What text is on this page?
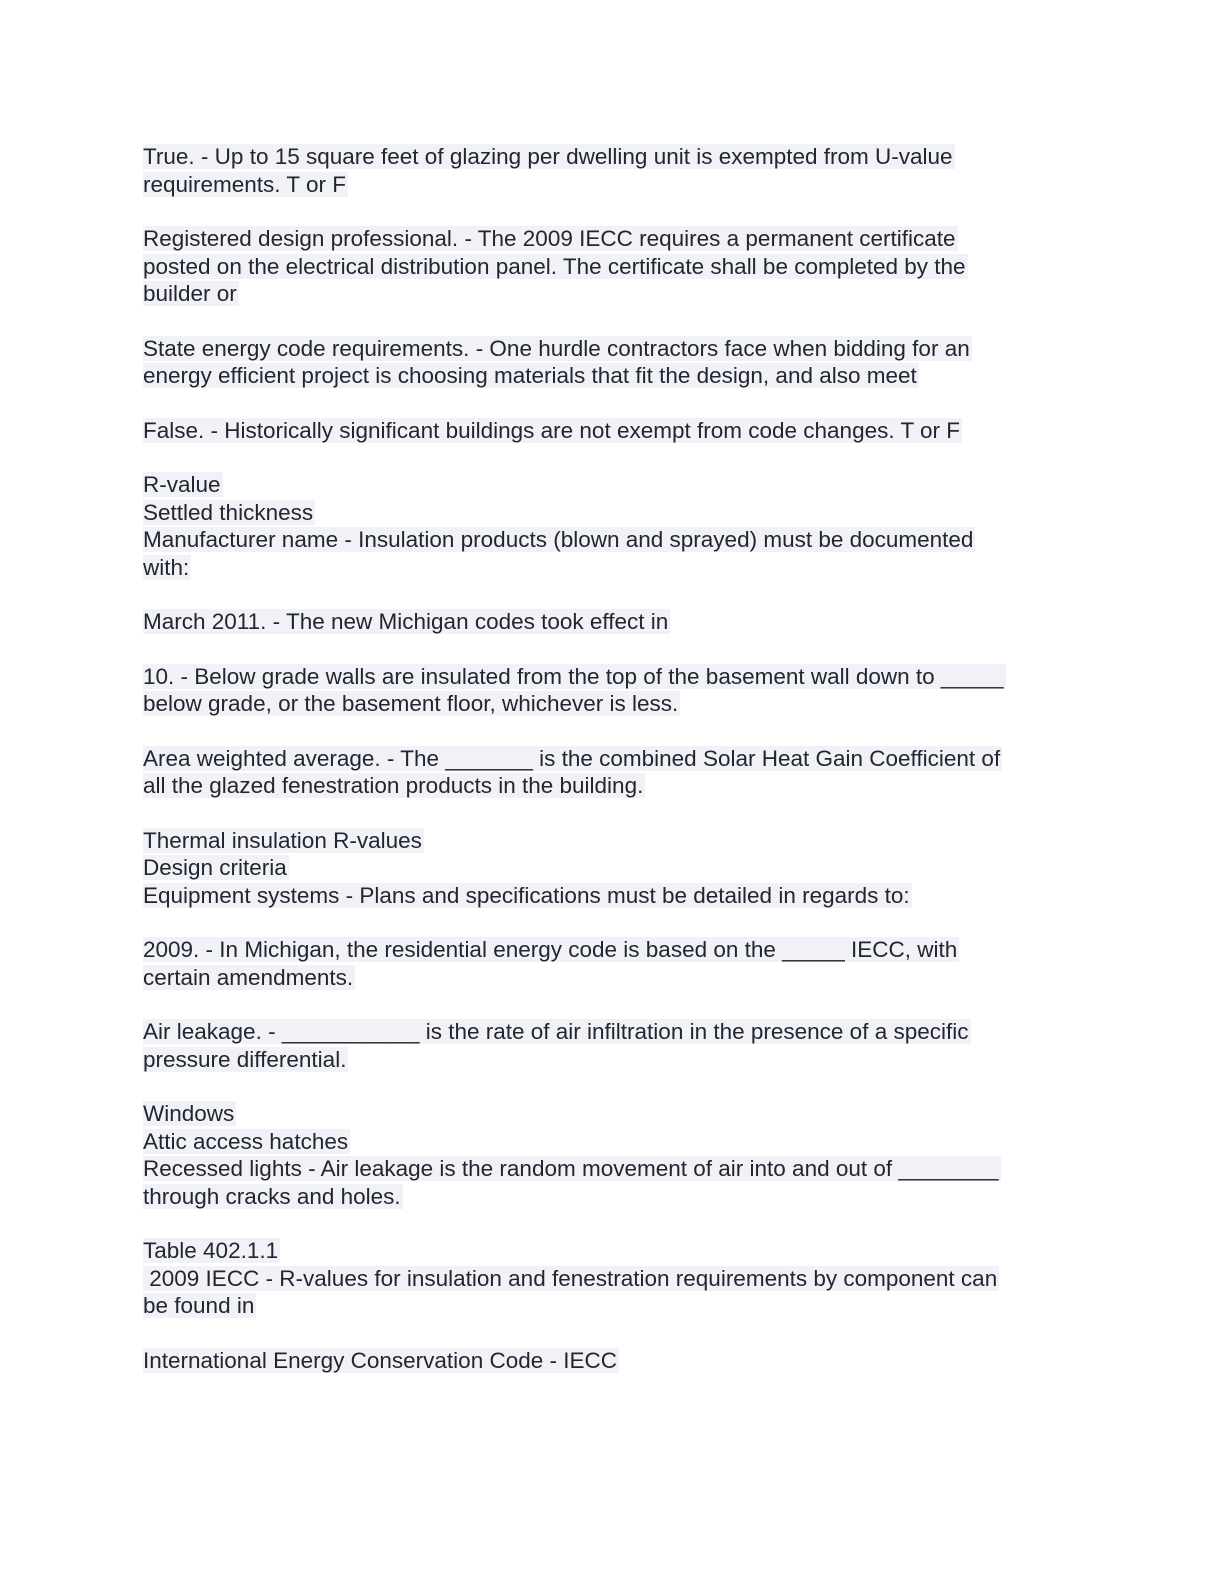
True. - Up to 15 square feet of glazing per dwelling unit is exempted from U-value
requirements. T or F
Registered design professional. - The 2009 IECC requires a permanent certificate
posted on the electrical distribution panel. The certificate shall be completed by the
builder or
State energy code requirements. - One hurdle contractors face when bidding for an
energy efficient project is choosing materials that fit the design, and also meet
False. - Historically significant buildings are not exempt from code changes. T or F
R-value
Settled thickness
Manufacturer name - Insulation products (blown and sprayed) must be documented
with:
March 2011. - The new Michigan codes took effect in
10. - Below grade walls are insulated from the top of the basement wall down to _____
below grade, or the basement floor, whichever is less.
Area weighted average. - The _______ is the combined Solar Heat Gain Coefficient of
all the glazed fenestration products in the building.
Thermal insulation R-values
Design criteria
Equipment systems - Plans and specifications must be detailed in regards to:
2009. - In Michigan, the residential energy code is based on the _____ IECC, with
certain amendments.
Air leakage. - ___________ is the rate of air infiltration in the presence of a specific
pressure differential.
Windows
Attic access hatches
Recessed lights - Air leakage is the random movement of air into and out of ________
through cracks and holes.
Table 402.1.1
2009 IECC - R-values for insulation and fenestration requirements by component can
be found in
International Energy Conservation Code - IECC
